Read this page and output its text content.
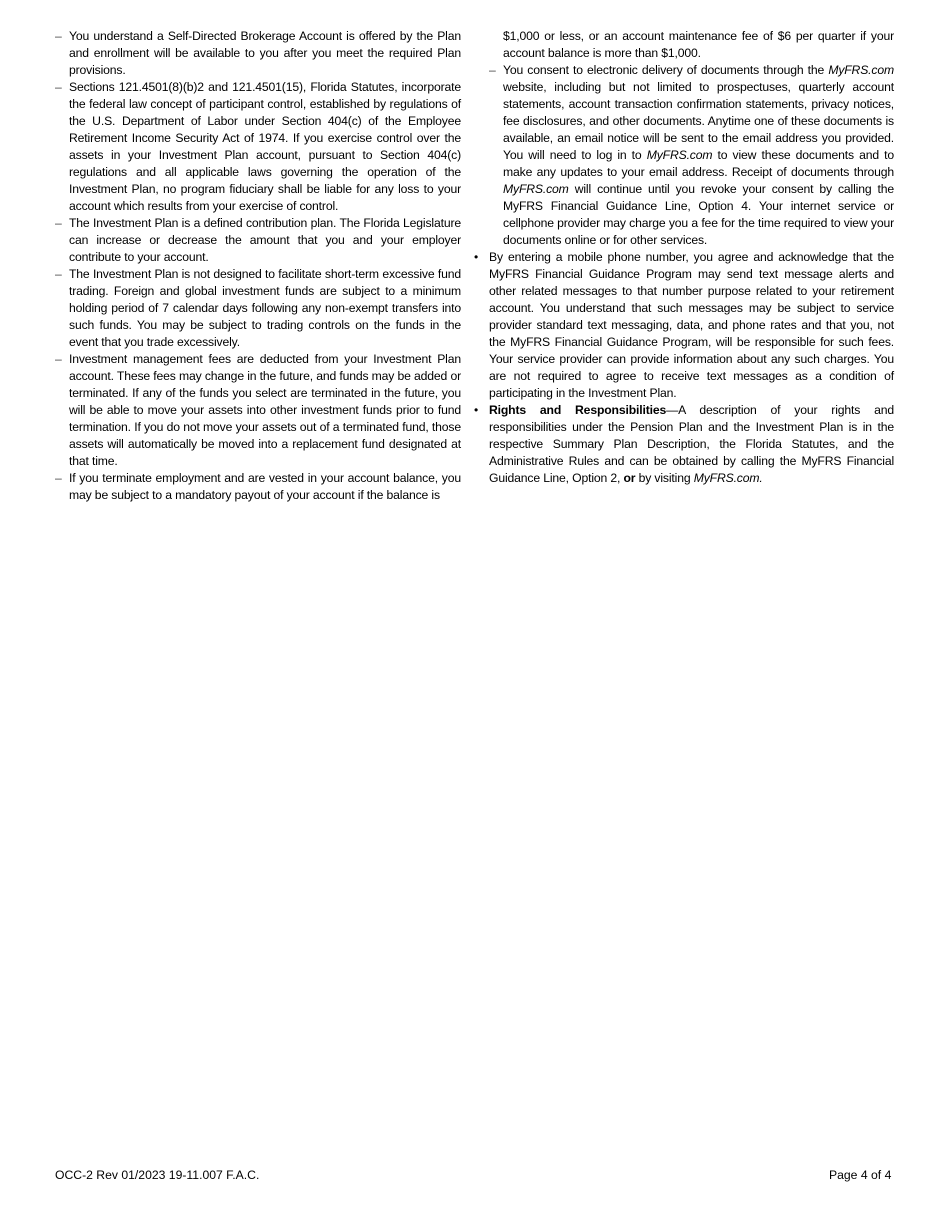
– You understand a Self-Directed Brokerage Account is offered by the Plan and enrollment will be available to you after you meet the required Plan provisions.
– Sections 121.4501(8)(b)2 and 121.4501(15), Florida Statutes, incorporate the federal law concept of participant control, established by regulations of the U.S. Department of Labor under Section 404(c) of the Employee Retirement Income Security Act of 1974. If you exercise control over the assets in your Investment Plan account, pursuant to Section 404(c) regulations and all applicable laws governing the operation of the Investment Plan, no program fiduciary shall be liable for any loss to your account which results from your exercise of control.
– The Investment Plan is a defined contribution plan. The Florida Legislature can increase or decrease the amount that you and your employer contribute to your account.
– The Investment Plan is not designed to facilitate short-term excessive fund trading. Foreign and global investment funds are subject to a minimum holding period of 7 calendar days following any non-exempt transfers into such funds. You may be subject to trading controls on the funds in the event that you trade excessively.
– Investment management fees are deducted from your Investment Plan account. These fees may change in the future, and funds may be added or terminated. If any of the funds you select are terminated in the future, you will be able to move your assets into other investment funds prior to fund termination. If you do not move your assets out of a terminated fund, those assets will automatically be moved into a replacement fund designated at that time.
– If you terminate employment and are vested in your account balance, you may be subject to a mandatory payout of your account if the balance is
$1,000 or less, or an account maintenance fee of $6 per quarter if your account balance is more than $1,000.
– You consent to electronic delivery of documents through the MyFRS.com website, including but not limited to prospectuses, quarterly account statements, account transaction confirmation statements, privacy notices, fee disclosures, and other documents. Anytime one of these documents is available, an email notice will be sent to the email address you provided. You will need to log in to MyFRS.com to view these documents and to make any updates to your email address. Receipt of documents through MyFRS.com will continue until you revoke your consent by calling the MyFRS Financial Guidance Line, Option 4. Your internet service or cellphone provider may charge you a fee for the time required to view your documents online or for other services.
• By entering a mobile phone number, you agree and acknowledge that the MyFRS Financial Guidance Program may send text message alerts and other related messages to that number purpose related to your retirement account. You understand that such messages may be subject to service provider standard text messaging, data, and phone rates and that you, not the MyFRS Financial Guidance Program, will be responsible for such fees. Your service provider can provide information about any such charges. You are not required to agree to receive text messages as a condition of participating in the Investment Plan.
• Rights and Responsibilities—A description of your rights and responsibilities under the Pension Plan and the Investment Plan is in the respective Summary Plan Description, the Florida Statutes, and the Administrative Rules and can be obtained by calling the MyFRS Financial Guidance Line, Option 2, or by visiting MyFRS.com.
OCC-2 Rev 01/2023 19-11.007 F.A.C.	Page 4 of 4
